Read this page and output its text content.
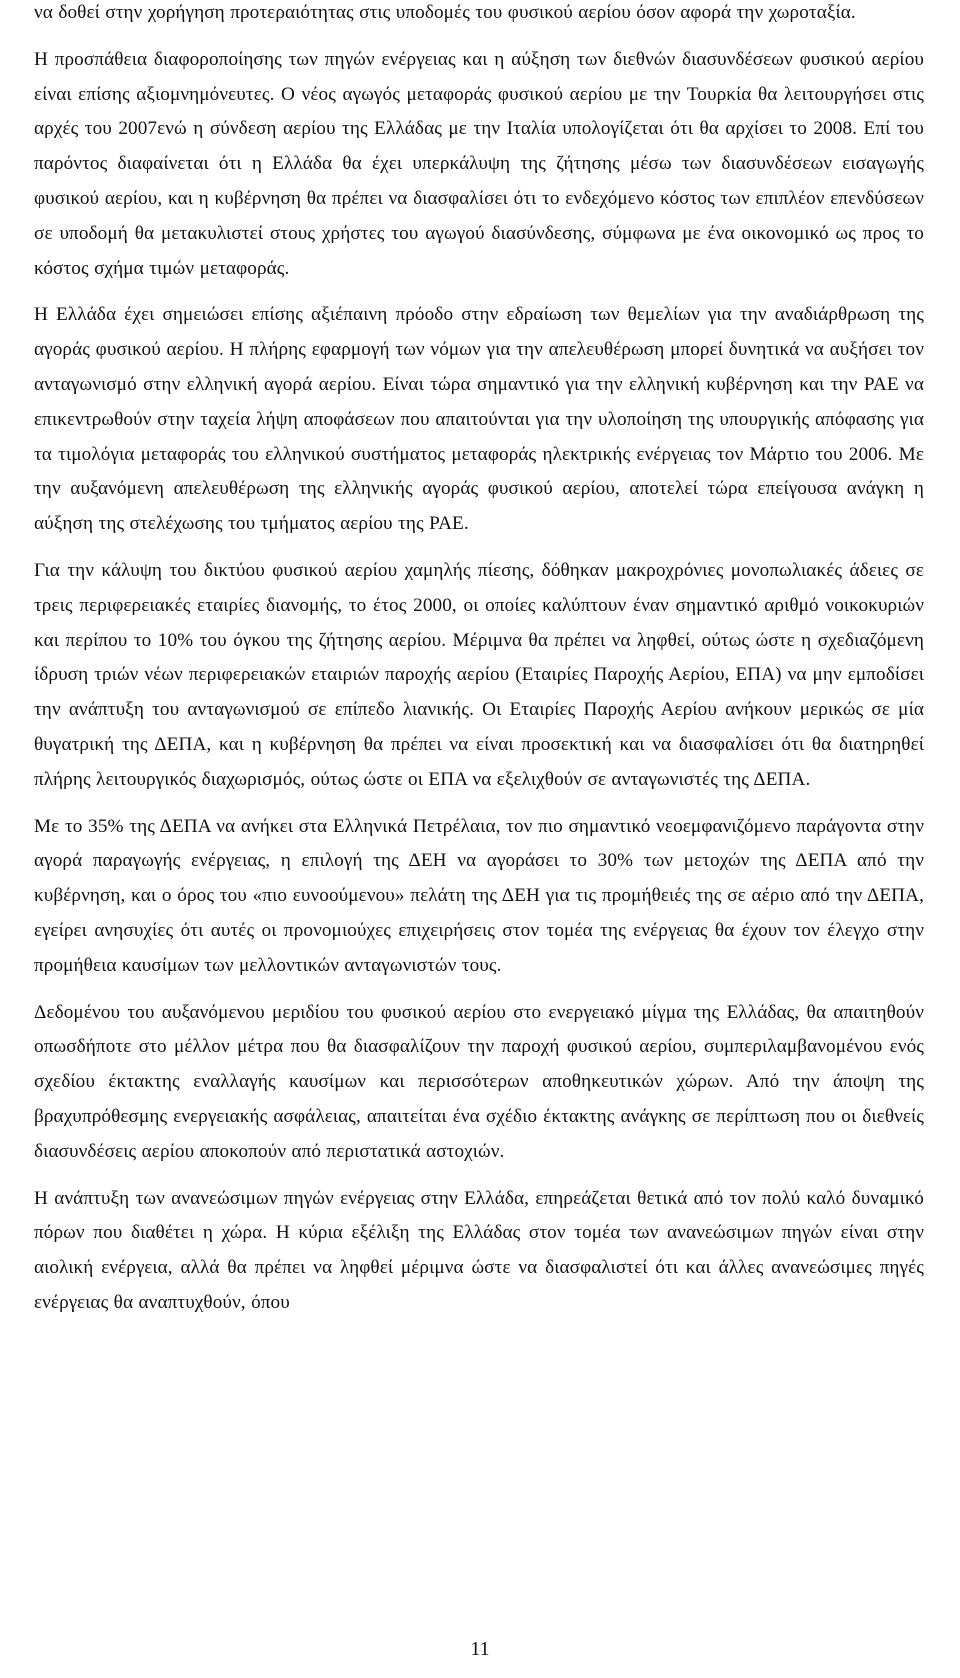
να δοθεί στην χορήγηση προτεραιότητας στις υποδομές του φυσικού αερίου όσον αφορά την χωροταξία.

Η προσπάθεια διαφοροποίησης των πηγών ενέργειας και η αύξηση των διεθνών διασυνδέσεων φυσικού αερίου είναι επίσης αξιομνημόνευτες. Ο νέος αγωγός μεταφοράς φυσικού αερίου με την Τουρκία θα λειτουργήσει στις αρχές του 2007ενώ η σύνδεση αερίου της Ελλάδας με την Ιταλία υπολογίζεται ότι θα αρχίσει το 2008. Επί του παρόντος διαφαίνεται ότι η Ελλάδα θα έχει υπερκάλυψη της ζήτησης μέσω των διασυνδέσεων εισαγωγής φυσικού αερίου, και η κυβέρνηση θα πρέπει να διασφαλίσει ότι το ενδεχόμενο κόστος των επιπλέον επενδύσεων σε υποδομή θα μετακυλιστεί στους χρήστες του αγωγού διασύνδεσης, σύμφωνα με ένα οικονομικό ως προς το κόστος σχήμα τιμών μεταφοράς.

Η Ελλάδα έχει σημειώσει επίσης αξιέπαινη πρόοδο στην εδραίωση των θεμελίων για την αναδιάρθρωση της αγοράς φυσικού αερίου. Η πλήρης εφαρμογή των νόμων για την απελευθέρωση μπορεί δυνητικά να αυξήσει τον ανταγωνισμό στην ελληνική αγορά αερίου. Είναι τώρα σημαντικό για την ελληνική κυβέρνηση και την ΡΑΕ να επικεντρωθούν στην ταχεία λήψη αποφάσεων που απαιτούνται για την υλοποίηση της υπουργικής απόφασης για τα τιμολόγια μεταφοράς του ελληνικού συστήματος μεταφοράς ηλεκτρικής ενέργειας τον Μάρτιο του 2006. Με την αυξανόμενη απελευθέρωση της ελληνικής αγοράς φυσικού αερίου, αποτελεί τώρα επείγουσα ανάγκη η αύξηση της στελέχωσης του τμήματος αερίου της ΡΑΕ.

Για την κάλυψη του δικτύου φυσικού αερίου χαμηλής πίεσης, δόθηκαν μακροχρόνιες μονοπωλιακές άδειες σε τρεις περιφερειακές εταιρίες διανομής, το έτος 2000, οι οποίες καλύπτουν έναν σημαντικό αριθμό νοικοκυριών και περίπου το 10% του όγκου της ζήτησης αερίου. Μέριμνα θα πρέπει να ληφθεί, ούτως ώστε η σχεδιαζόμενη ίδρυση τριών νέων περιφερειακών εταιριών παροχής αερίου (Εταιρίες Παροχής Αερίου, ΕΠΑ) να μην εμποδίσει την ανάπτυξη του ανταγωνισμού σε επίπεδο λιανικής. Οι Εταιρίες Παροχής Αερίου ανήκουν μερικώς σε μία θυγατρική της ΔΕΠΑ, και η κυβέρνηση θα πρέπει να είναι προσεκτική και να διασφαλίσει ότι θα διατηρηθεί πλήρης λειτουργικός διαχωρισμός, ούτως ώστε οι ΕΠΑ να εξελιχθούν σε ανταγωνιστές της ΔΕΠΑ.

Με το 35% της ΔΕΠΑ να ανήκει στα Ελληνικά Πετρέλαια, τον πιο σημαντικό νεοεμφανιζόμενο παράγοντα στην αγορά παραγωγής ενέργειας, η επιλογή της ΔΕΗ να αγοράσει το 30% των μετοχών της ΔΕΠΑ από την κυβέρνηση, και ο όρος του «πιο ευνοούμενου» πελάτη της ΔΕΗ για τις προμήθειές της σε αέριο από την ΔΕΠΑ, εγείρει ανησυχίες ότι αυτές οι προνομιούχες επιχειρήσεις στον τομέα της ενέργειας θα έχουν τον έλεγχο στην προμήθεια καυσίμων των μελλοντικών ανταγωνιστών τους.

Δεδομένου του αυξανόμενου μεριδίου του φυσικού αερίου στο ενεργειακό μίγμα της Ελλάδας, θα απαιτηθούν οπωσδήποτε στο μέλλον μέτρα που θα διασφαλίζουν την παροχή φυσικού αερίου, συμπεριλαμβανομένου ενός σχεδίου έκτακτης εναλλαγής καυσίμων και περισσότερων αποθηκευτικών χώρων. Από την άποψη της βραχυπρόθεσμης ενεργειακής ασφάλειας, απαιτείται ένα σχέδιο έκτακτης ανάγκης σε περίπτωση που οι διεθνείς διασυνδέσεις αερίου αποκοπούν από περιστατικά αστοχιών.

Η ανάπτυξη των ανανεώσιμων πηγών ενέργειας στην Ελλάδα, επηρεάζεται θετικά από τον πολύ καλό δυναμικό πόρων που διαθέτει η χώρα. Η κύρια εξέλιξη της Ελλάδας στον τομέα των ανανεώσιμων πηγών είναι στην αιολική ενέργεια, αλλά θα πρέπει να ληφθεί μέριμνα ώστε να διασφαλιστεί ότι και άλλες ανανεώσιμες πηγές ενέργειας θα αναπτυχθούν, όπου

11
